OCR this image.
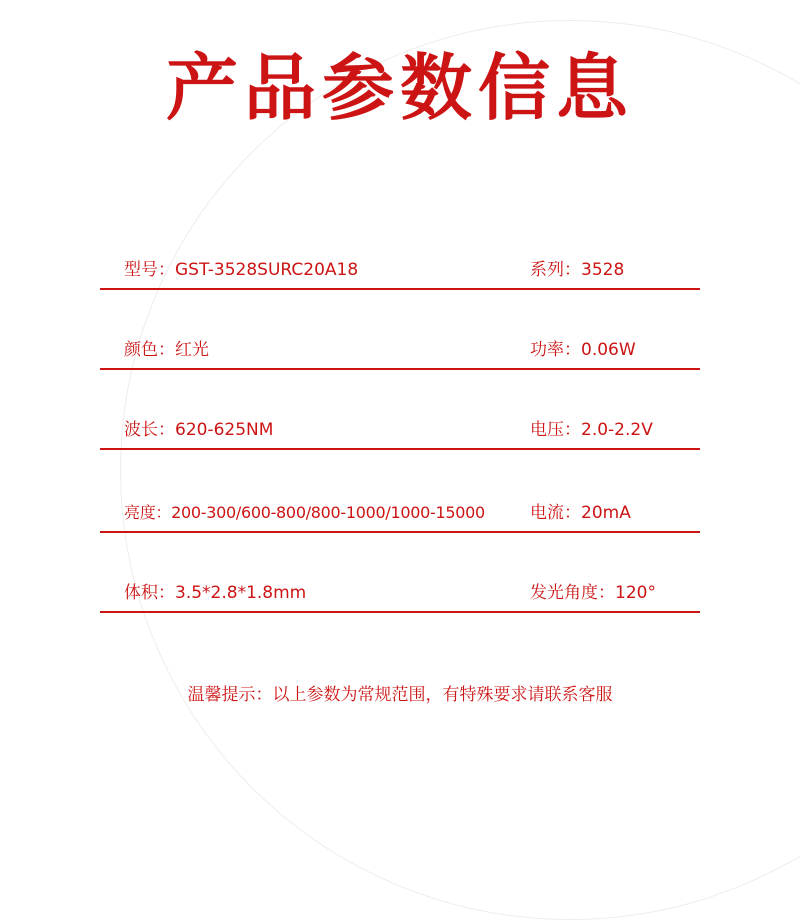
产品参数信息
型号：GST-3528SURC20A18	系列：3528
颜色：红光	功率：0.06W
波长：620-625NM	电压：2.0-2.2V
亮度：200-300/600-800/800-1000/1000-15000	电流：20mA
体积：3.5*2.8*1.8mm	发光角度：120°
温馨提示：以上参数为常规范围，有特殊要求请联系客服
